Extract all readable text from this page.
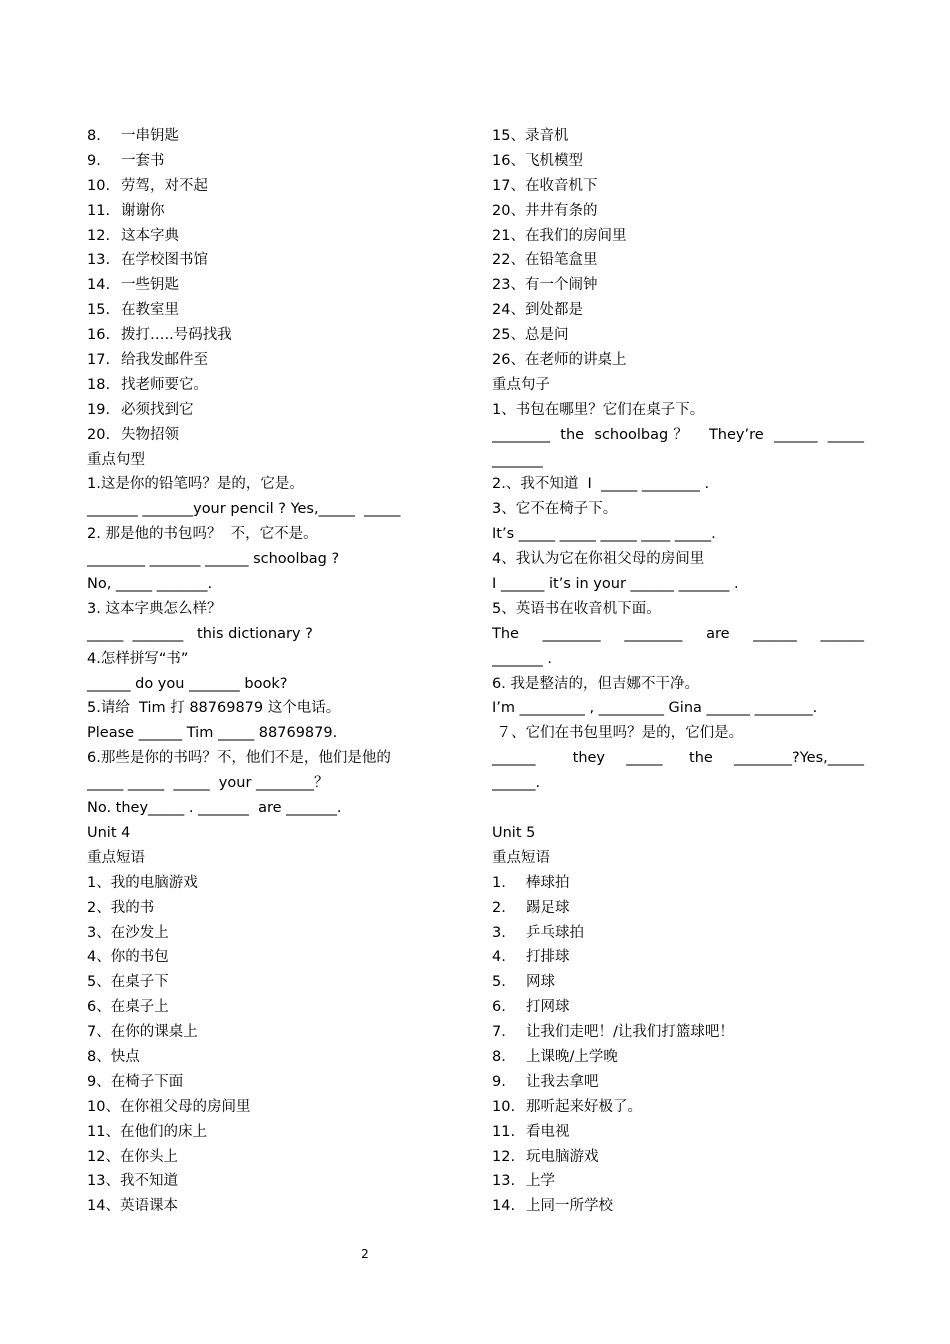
8. 一串钥匙
9. 一套书
10. 劳驾，对不起
11. 谢谢你
12. 这本字典
13. 在学校图书馆
14. 一些钥匙
15. 在教室里
16. 拨打…..号码找我
17. 给我发邮件至
18. 找老师要它。
19. 必须找到它
20. 失物招领
重点句型
1.这是你的铅笔吗？是的，它是。
_______ _______your pencil ? Yes,_____  _____
2. 那是他的书包吗？  不，它不是。
________ _______ ______ schoolbag ?
No, _____ _______.
3. 这本字典怎么样？
_____  _______   this dictionary ?
4.怎样拼写“书”
______ do you _______ book?
5.请给  Tim 打 88769879 这个电话。
Please ______ Tim _____ 88769879.
6.那些是你的书吗？不，他们不是，他们是他的
_____ _____  _____  your ________？
No. they_____ . _______  are _______.
Unit 4
重点短语
1、我的电脑游戏
2、我的书
3、在沙发上
4、你的书包
5、在桌子下
6、在桌子上
7、在你的课桌上
8、快点
9、在椅子下面
10、在你祖父母的房间里
11、在他们的床上
12、在你头上
13、我不知道
14、英语课本
15、录音机
16、飞机模型
17、在收音机下
20、井井有条的
21、在我们的房间里
22、在铅笔盒里
23、有一个闹钟
24、到处都是
25、总是问
26、在老师的讲桌上
重点句子
1、书包在哪里？它们在桌子下。
________  the  schoolbag ？    They’re  ______  _____
_______
2.、我不知道  I  _____ ________ .
3、它不在椅子下。
It’s _____ _____ _____ ____ _____.
4、我认为它在你祖父母的房间里
I ______ it’s in your ______ _______ .
5、英语书在收音机下面。
The   ________   ________   are   ______   ______
_______ .
6. 我是整洁的，但吉娜不干净。
I’m _________ , _________ Gina ______ ________.
７、它们在书包里吗？是的，它们是。
______       they    _____     the    ________?Yes,_____
______.
Unit 5
重点短语
1. 棒球拍
2. 踢足球
3. 乒乓球拍
4. 打排球
5. 网球
6. 打网球
7. 让我们走吧！/让我们打篮球吧！
8. 上课晚/上学晚
9. 让我去拿吧
10. 那听起来好极了。
11. 看电视
12. 玩电脑游戏
13. 上学
14. 上同一所学校
2
